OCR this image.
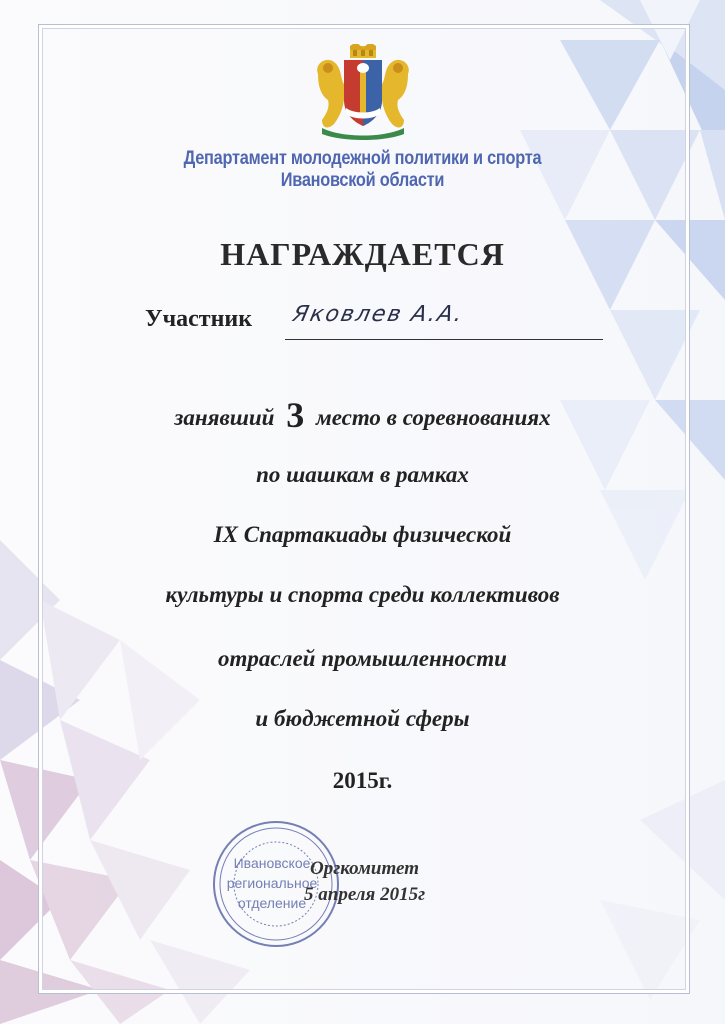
Департамент молодежной политики и спорта
Ивановской области
НАГРАЖДАЕТСЯ
Участник Яковлев А.А.
занявший 3 место в соревнованиях
по шашкам в рамках
IX Спартакиады физической
культуры и спорта среди коллективов
отраслей промышленности
и бюджетной сферы
2015г.
Ивановское
региональное
отделение
Оргкомитет
5 апреля 2015г
